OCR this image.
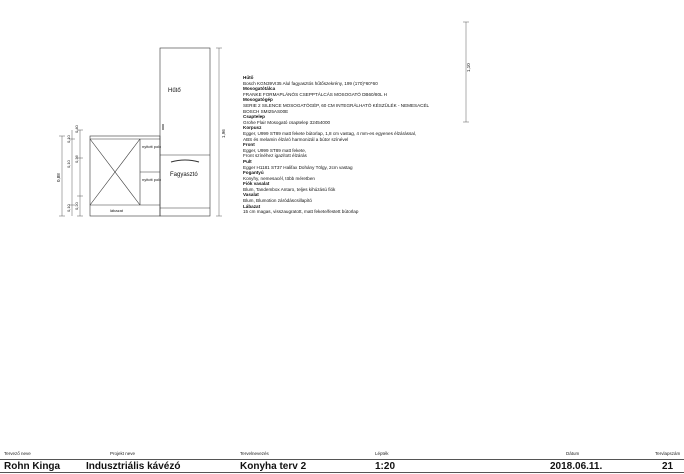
Hűtő
Fagyasztó
nyitott polc
nyitott polc
lábazat
1,10
1,96
0,88
0,40
0,10
0,36
0,10
0,20
0,10
Hűtő
Bosch KGN39VI35 Alul fagyasztós hűtőszekrény, 199 (170)*60*60
Mosogatótálca
FRANKE FORMAPLÁNÓS CSEPPTÁLCÁS MOSOGATÓ DB60/80L H
Mosogatógép
SERIE 2 SILENCE MOSOGATÓGÉP, 60 CM INTEGRÁLHATÓ KÉSZÜLÉK - NEMESACÉL
BOSCH SMI25AS00E
Csaptelep
Grohe Flair Mosogató csaptelep 32454000
Korpusz
Egger, U999 ST89 matt fekete bútorlap, 1,8 cm vastag, 4 mm-es egyenes élzárással,
ABS és melamin élzáró harmonizál a bútor színével
Front
Egger, U999 ST89 matt fekete,
Front színéhez igazított élzárás
Pult
Egger H1181 ST37 Halifax Dohány Tölgy, 2cm vastag
Fogantyú
Konyhy, nemesacél, több méretben
Fiók vasalat
Blum, Tandembox Antaro, teljes kihúzású fiók
Vasalat
Blum, Blumotion záródáscsillapító
Lábazat
15 cm magas, visszaugratott, matt fekete/festett bútorlap
Tervező neve
Rohn Kinga
Projekt neve
Indusztriális kávézó
Tervelnevezés
Konyha terv 2
Lépték
1:20
Dátum
2018.06.11.
Tervlapszám
21
